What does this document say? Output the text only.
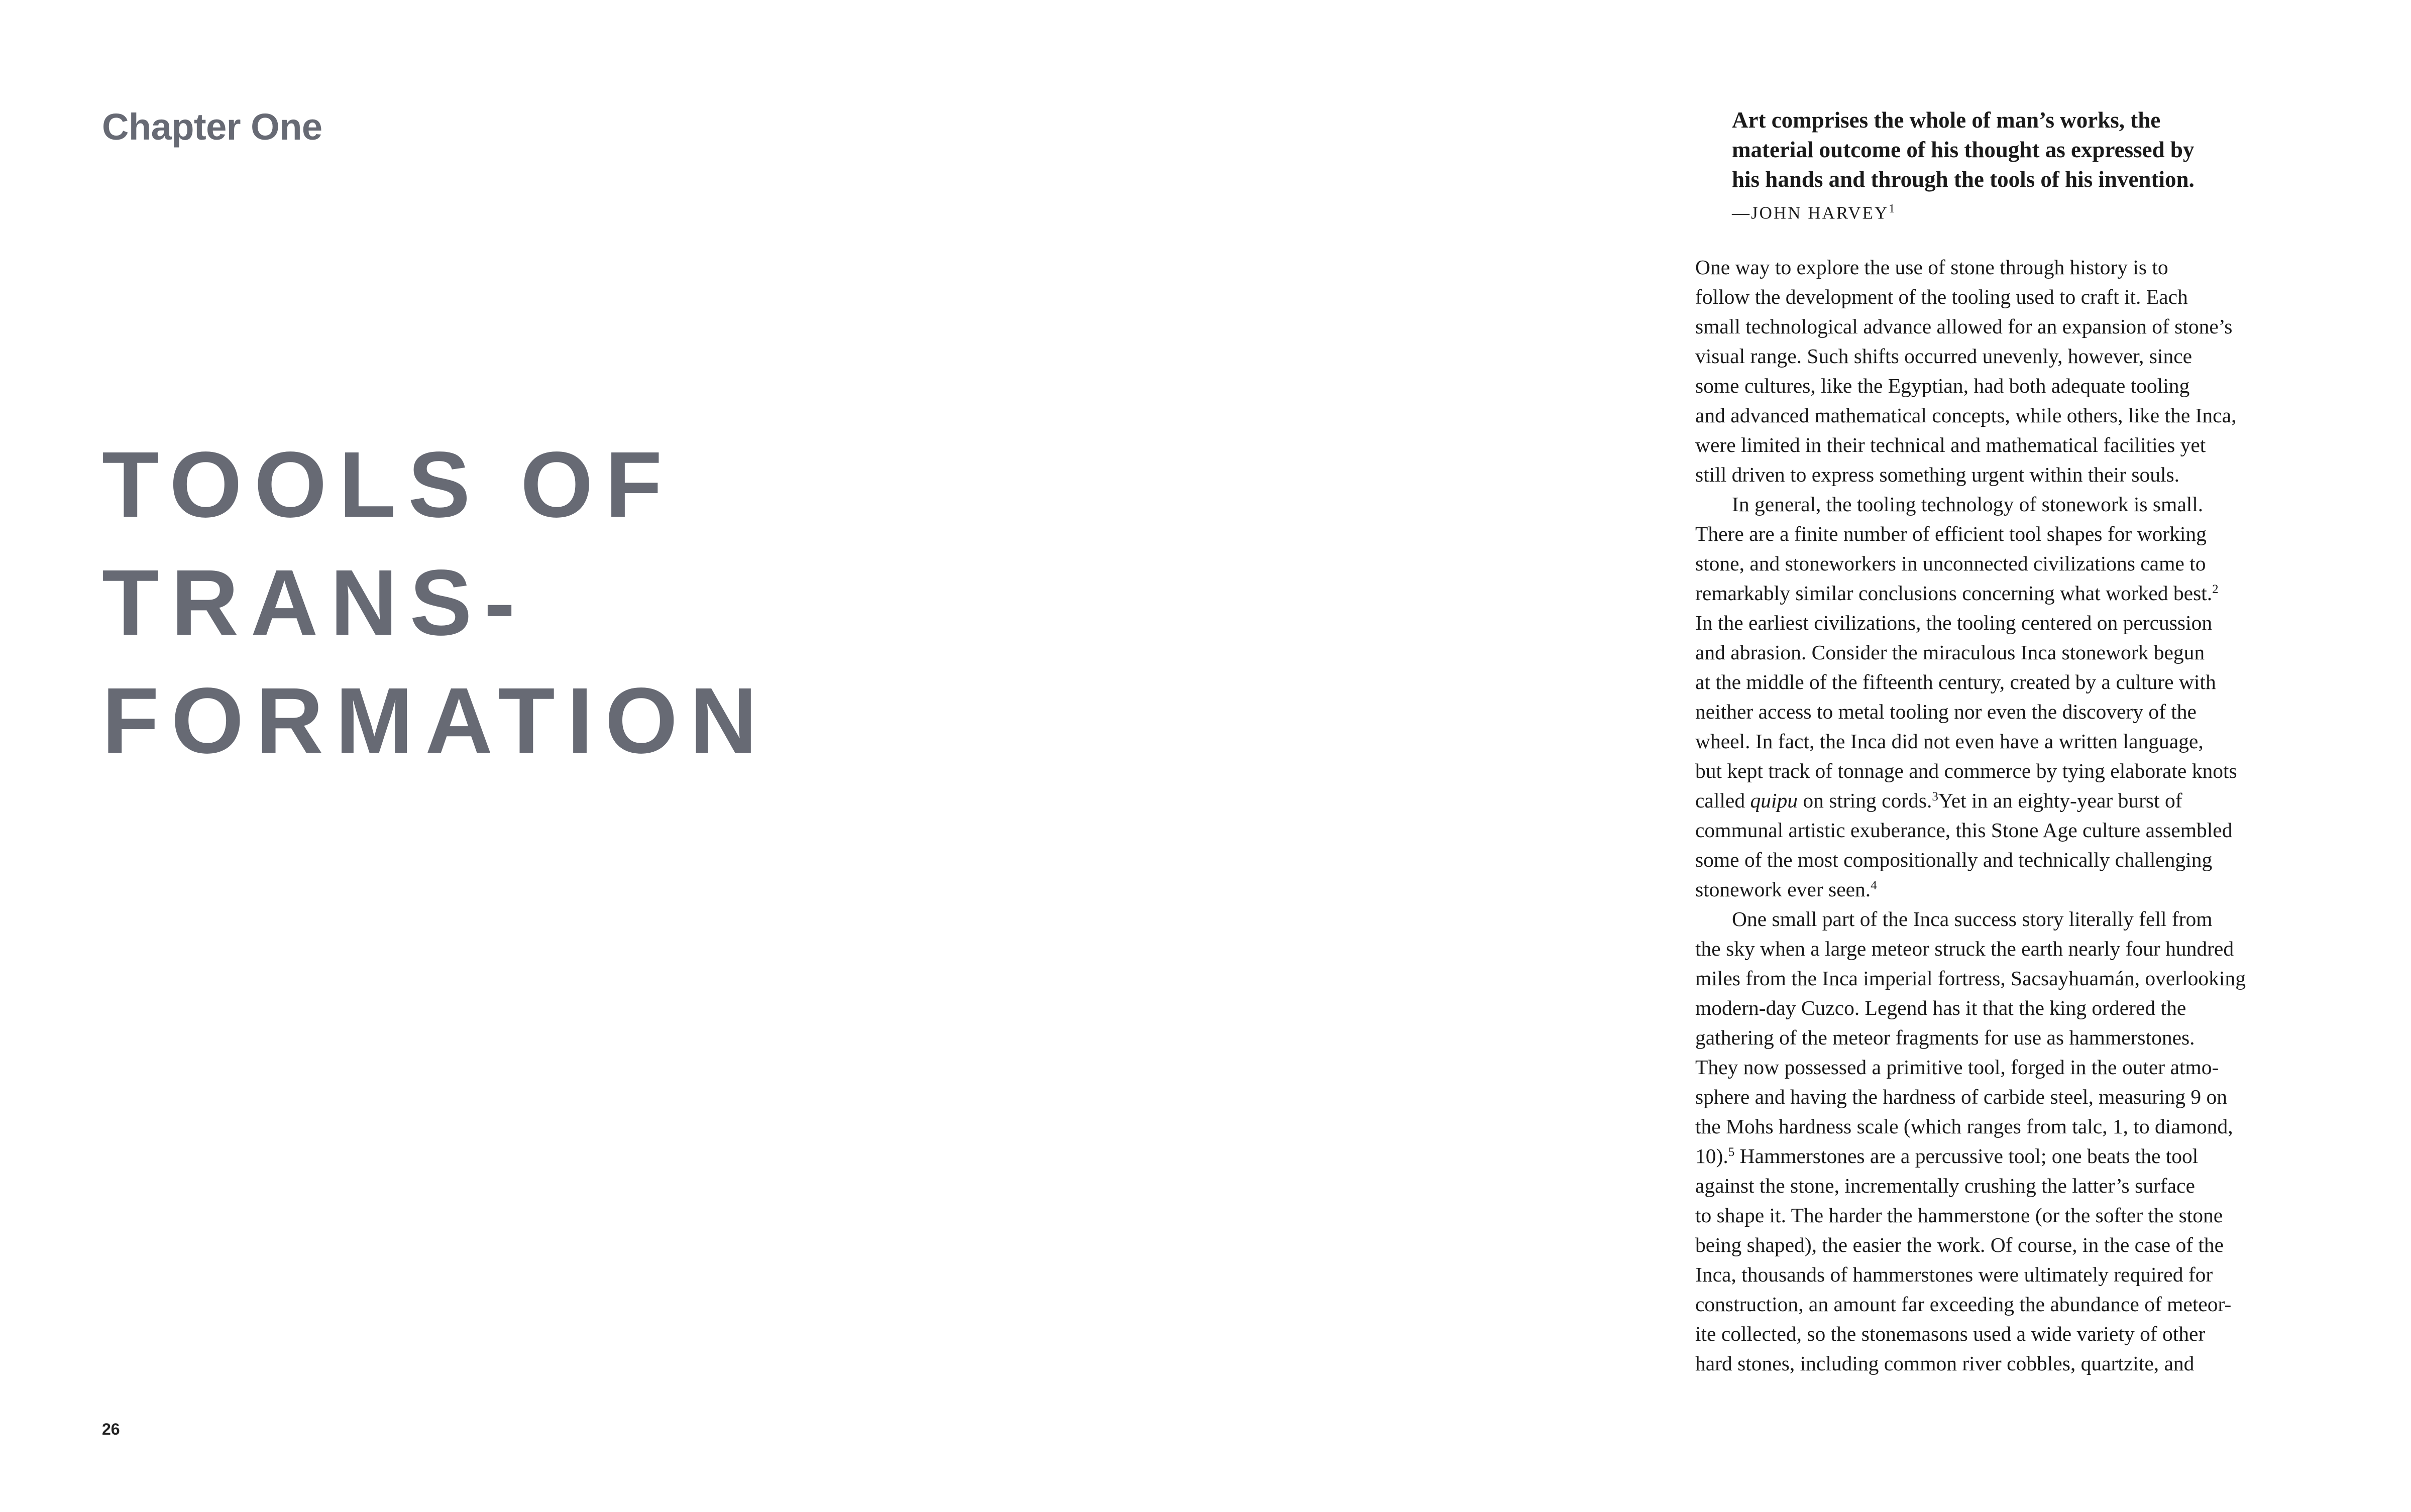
Chapter One
TOOLS OF
TRANS-
FORMATION

26

Art comprises the whole of man’s works, the
material outcome of his thought as expressed by
his hands and through the tools of his invention.

—JOHN HARVEY$^1$

One way to explore the use of stone through history is to
follow the development of the tooling used to craft it. Each
small technological advance allowed for an expansion of stone’s
visual range. Such shifts occurred unevenly, however, since
some cultures, like the Egyptian, had both adequate tooling
and advanced mathematical concepts, while others, like the Inca,
were limited in their technical and mathematical facilities yet
still driven to express something urgent within their souls.
In general, the tooling technology of stonework is small.
There are a finite number of efficient tool shapes for working
stone, and stoneworkers in unconnected civilizations came to
remarkably similar conclusions concerning what worked best.$^2$
In the earliest civilizations, the tooling centered on percussion
and abrasion. Consider the miraculous Inca stonework begun
at the middle of the fifteenth century, created by a culture with
neither access to metal tooling nor even the discovery of the
wheel. In fact, the Inca did not even have a written language,
but kept track of tonnage and commerce by tying elaborate knots
called quipu on string cords.$^3$Yet in an eighty-year burst of
communal artistic exuberance, this Stone Age culture assembled
some of the most compositionally and technically challenging
stonework ever seen.$^4$
One small part of the Inca success story literally fell from
the sky when a large meteor struck the earth nearly four hundred
miles from the Inca imperial fortress, Sacsayhuamán, overlooking
modern-day Cuzco. Legend has it that the king ordered the
gathering of the meteor fragments for use as hammerstones.
They now possessed a primitive tool, forged in the outer atmo-
sphere and having the hardness of carbide steel, measuring 9 on
the Mohs hardness scale (which ranges from talc, 1, to diamond,
10).$^5$ Hammerstones are a percussive tool; one beats the tool
against the stone, incrementally crushing the latter’s surface
to shape it. The harder the hammerstone (or the softer the stone
being shaped), the easier the work. Of course, in the case of the
Inca, thousands of hammerstones were ultimately required for
construction, an amount far exceeding the abundance of meteor-
ite collected, so the stonemasons used a wide variety of other
hard stones, including common river cobbles, quartzite, and
